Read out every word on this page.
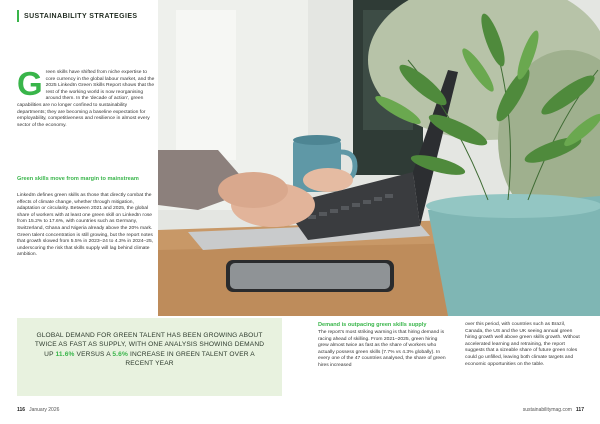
SUSTAINABILITY STRATEGIES
G reen skills have shifted from niche expertise to core currency in the global labour market, and the 2025 LinkedIn Green Skills Report shows that the rest of the working world is now reorganising around them. In the 'decade of action', green capabilities are no longer confined to sustainability departments; they are becoming a baseline expectation for employability, competitiveness and resilience in almost every sector of the economy.
Green skills move from margin to mainstream
LinkedIn defines green skills as those that directly combat the effects of climate change, whether through mitigation, adaptation or circularity. Between 2021 and 2025, the global share of workers with at least one green skill on LinkedIn rose from 15.2% to 17.6%, with countries such as Germany, Switzerland, Ghana and Nigeria already above the 20% mark. Green talent concentration is still growing, but the report notes that growth slowed from 5.5% in 2023–24 to 4.3% in 2024–25, underscoring the risk that skills supply will lag behind climate ambition.

GLOBAL DEMAND FOR GREEN TALENT HAS BEEN GROWING ABOUT TWICE AS FAST AS SUPPLY, WITH ONE ANALYSIS SHOWING DEMAND UP 11.6% VERSUS A 5.6% INCREASE IN GREEN TALENT OVER A RECENT YEAR

Demand is outpacing green skills supply
The report's most striking warning is that hiring demand is racing ahead of skilling. From 2021–2025, green hiring grew almost twice as fast as the share of workers who actually possess green skills (7.7% vs 4.3% globally). In every one of the 47 countries analysed, the share of green hires increased
over this period, with countries such as Brazil, Canada, the US and the UK seeing annual green hiring growth well above green skills growth. Without accelerated learning and retraining, the report suggests that a sizeable share of future green roles could go unfilled, leaving both climate targets and economic opportunities on the table.
116 January 2026	sustainabilitymag.com 117
